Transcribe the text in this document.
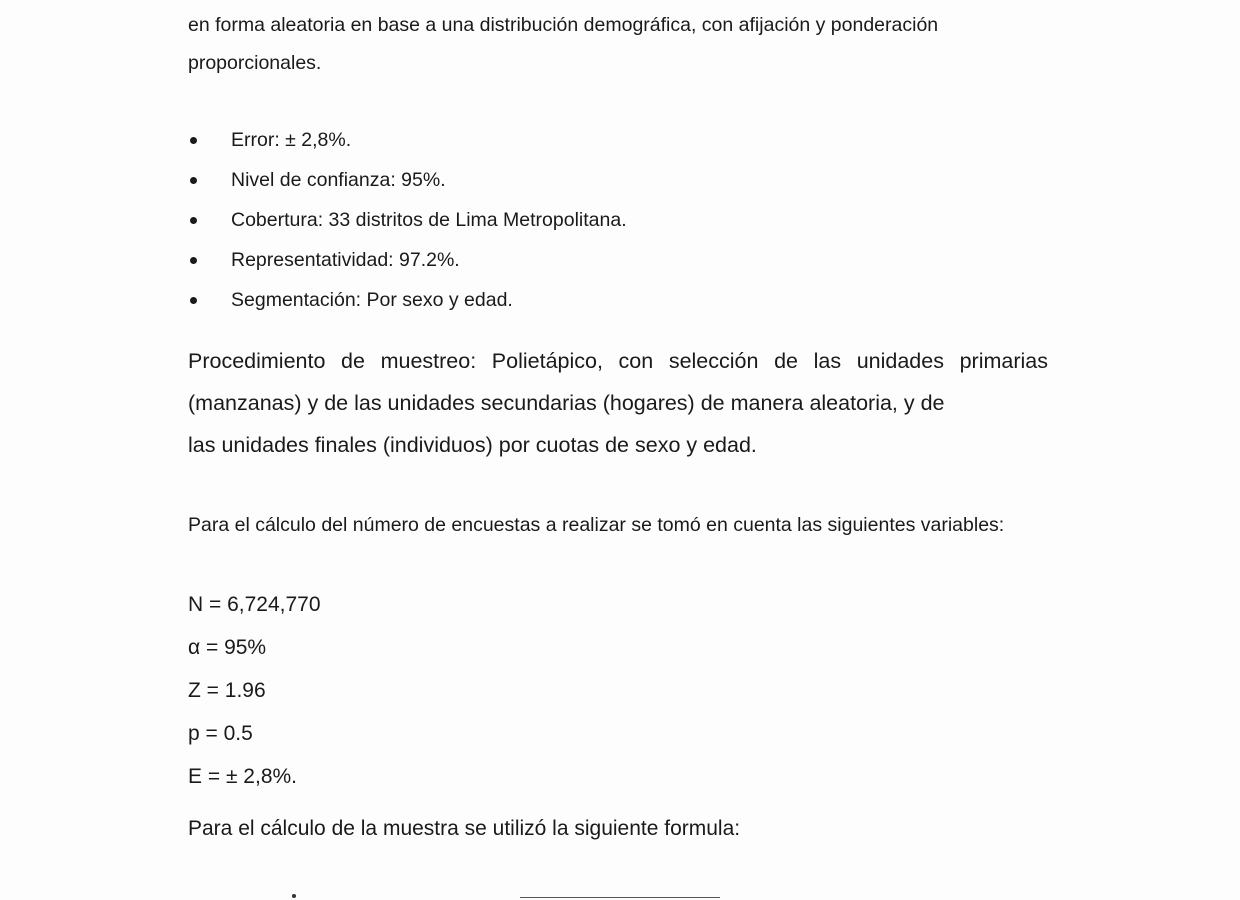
en forma aleatoria en base a una distribución demográfica, con afijación y ponderación proporcionales.
Error: ± 2,8%.
Nivel de confianza: 95%.
Cobertura: 33 distritos de Lima Metropolitana.
Representatividad: 97.2%.
Segmentación: Por sexo y edad.
Procedimiento de muestreo: Polietápico, con selección de las unidades primarias (manzanas) y de las unidades secundarias (hogares) de manera aleatoria, y de
las unidades finales (individuos) por cuotas de sexo y edad.
Para el cálculo del número de encuestas a realizar se tomó en cuenta las siguientes variables:
N = 6,724,770
α = 95%
Z = 1.96
p = 0.5
E = ± 2,8%.
Para el cálculo de la muestra se utilizó la siguiente formula:
